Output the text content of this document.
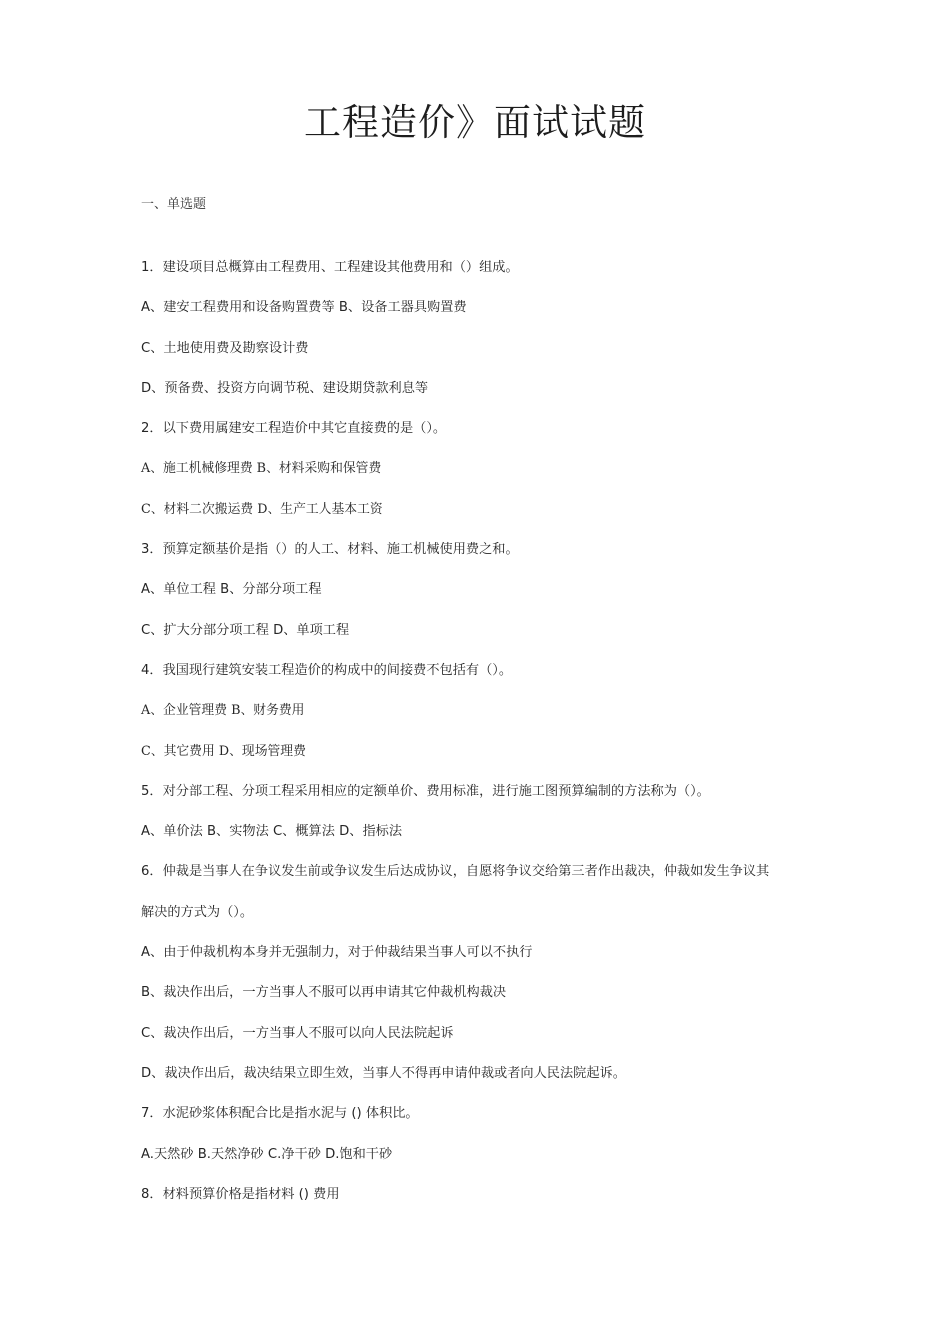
工程造价》面试试题
一、单选题
1．建设项目总概算由工程费用、工程建设其他费用和（）组成。
A、建安工程费用和设备购置费等 B、设备工器具购置费
C、土地使用费及勘察设计费
D、预备费、投资方向调节税、建设期贷款利息等
2．以下费用属建安工程造价中其它直接费的是（）。
A、施工机械修理费 B、材料采购和保管费
C、材料二次搬运费 D、生产工人基本工资
3．预算定额基价是指（）的人工、材料、施工机械使用费之和。
A、单位工程 B、分部分项工程
C、扩大分部分项工程 D、单项工程
4．我国现行建筑安装工程造价的构成中的间接费不包括有（）。
A、企业管理费 B、财务费用
C、其它费用 D、现场管理费
5．对分部工程、分项工程采用相应的定额单价、费用标准，进行施工图预算编制的方法称为（）。
A、单价法 B、实物法 C、概算法 D、指标法
6．仲裁是当事人在争议发生前或争议发生后达成协议，自愿将争议交给第三者作出裁决，仲裁如发生争议其
解决的方式为（）。
A、由于仲裁机构本身并无强制力，对于仲裁结果当事人可以不执行
B、裁决作出后，一方当事人不服可以再申请其它仲裁机构裁决
C、裁决作出后，一方当事人不服可以向人民法院起诉
D、裁决作出后，裁决结果立即生效，当事人不得再申请仲裁或者向人民法院起诉。
7．水泥砂浆体积配合比是指水泥与 () 体积比。
A.天然砂 B.天然净砂 C.净干砂 D.饱和干砂
8．材料预算价格是指材料 () 费用
